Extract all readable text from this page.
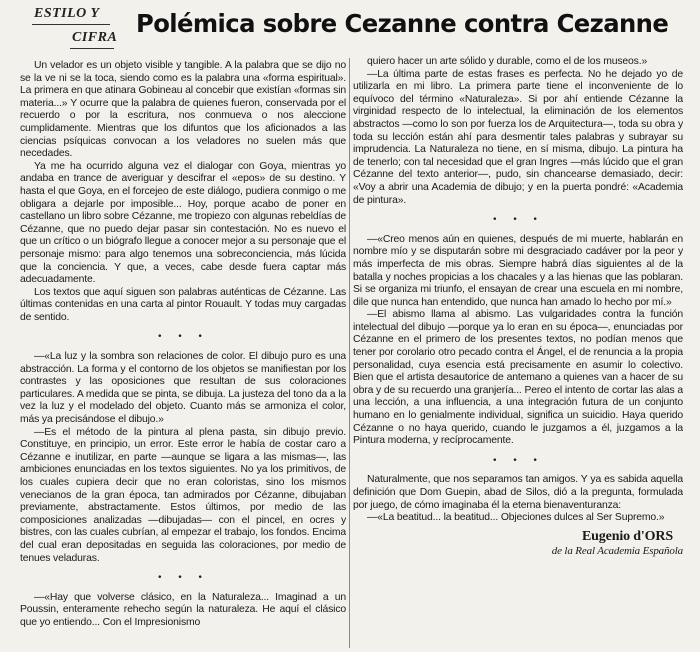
ESTILO Y
CIFRA Polémica sobre Cezanne contra Cezanne

Un velador es un objeto visible y tangible. A la palabra que se dijo no se la ve ni se la toca, siendo como es la palabra una «forma espiritual». La primera en que atinara Gobineau al concebir que existían «formas sin materia...» Y ocurre que la palabra de quienes fueron, conservada por el recuerdo o por la escritura, nos conmueva o nos aleccione cumplidamente. Mientras que los difuntos que los aficionados a las ciencias psíquicas convocan a los veladores no suelen más que necedades.

Ya me ha ocurrido alguna vez el dialogar con Goya, mientras yo andaba en trance de averiguar y descifrar el «epos» de su destino. Y hasta el que Goya, en el forcejeo de este diálogo, pudiera conmigo o me obligara a dejarle por imposible... Hoy, porque acabo de poner en castellano un libro sobre Cézanne, me tropiezo con algunas rebeldías de Cézanne, que no puedo dejar pasar sin contestación. No es nuevo el que un crítico o un biógrafo llegue a conocer mejor a su personaje que el personaje mismo: para algo tenemos una sobreconciencia, más lúcida que la conciencia. Y que, a veces, cabe desde fuera captar más adecuadamente.

Los textos que aquí siguen son palabras auténticas de Cézanne. Las últimas contenidas en una carta al pintor Rouault. Y todas muy cargadas de sentido.

• • •

—«La luz y la sombra son relaciones de color. El dibujo puro es una abstracción. La forma y el contorno de los objetos se manifiestan por los contrastes y las oposiciones que resultan de sus coloraciones particulares. A medida que se pinta, se dibuja. La justeza del tono da a la vez la luz y el modelado del objeto. Cuanto más se armoniza el color, más ya precisándose el dibujo.»

—Es el método de la pintura al plena pasta, sin dibujo previo. Constituye, en principio, un error. Este error le había de costar caro a Cézanne e inutilizar, en parte —aunque se ligara a las mismas—, las ambiciones enunciadas en los textos siguientes. No ya los primitivos, de los cuales cupiera decir que no eran coloristas, sino los mismos venecianos de la gran época, tan admirados por Cézanne, dibujaban previamente, abstractamente. Estos últimos, por medio de las composiciones analizadas —dibujadas— con el pincel, en ocres y bistres, con las cuales cubrían, al empezar el trabajo, los fondos. Encima del cual eran depositadas en seguida las coloraciones, por medio de tenues veladuras.

• • •

—«Hay que volverse clásico, en la Naturaleza... Imaginad a un Poussin, enteramente rehecho según la naturaleza. He aquí el clásico que yo entiendo... Con el Impresionismo

quiero hacer un arte sólido y durable, como el de los museos.»

—La última parte de estas frases es perfecta. No he dejado yo de utilizarla en mi libro. La primera parte tiene el inconveniente de lo equívoco del término «Naturaleza». Si por ahí entiende Cézanne la virginidad respecto de lo intelectual, la eliminación de los elementos abstractos —como lo son por fuerza los de Arquitectura—, toda su obra y toda su lección están ahí para desmentir tales palabras y subrayar su imprudencia. La Naturaleza no tiene, en sí misma, dibujo. La pintura ha de tenerlo; con tal necesidad que el gran Ingres —más lúcido que el gran Cézanne del texto anterior—, pudo, sin chancearse demasiado, decir: «Voy a abrir una Academia de dibujo; y en la puerta pondré: «Academia de pintura».

• • •

—«Creo menos aún en quienes, después de mi muerte, hablarán en nombre mío y se disputarán sobre mi desgraciado cadáver por la peor y más imperfecta de mis obras. Siempre habrá días siguientes al de la batalla y noches propicias a los chacales y a las hienas que las poblaran. Si se organiza mi triunfo, el ensayan de crear una escuela en mi nombre, dile que nunca han entendido, que nunca han amado lo hecho por mí.»

—El abismo llama al abismo. Las vulgaridades contra la función intelectual del dibujo —porque ya lo eran en su época—, enunciadas por Cézanne en el primero de los presentes textos, no podían menos que tener por corolario otro pecado contra el Ángel, el de renuncia a la propia personalidad, cuya esencia está precisamente en asumir lo colectivo. Bien que el artista desautorice de antemano a quienes van a hacer de su obra y de su recuerdo una granjería... Pereo el intento de cortar las alas a una lección, a una influencia, a una integración futura de un conjunto humano en lo genialmente individual, significa un suicidio. Haya querido Cézanne o no haya querido, cuando le juzgamos a él, juzgamos a la Pintura moderna, y recíprocamente.

• • •

Naturalmente, que nos separamos tan amigos. Y ya es sabida aquella definición que Dom Guepin, abad de Silos, dió a la pregunta, formulada por juego, de cómo imaginaba él la eterna bienaventuranza:

—«La beatitud... la beatitud... Objeciones dulces al Ser Supremo.»

Eugenio d'ORS
de la Real Academia Española
